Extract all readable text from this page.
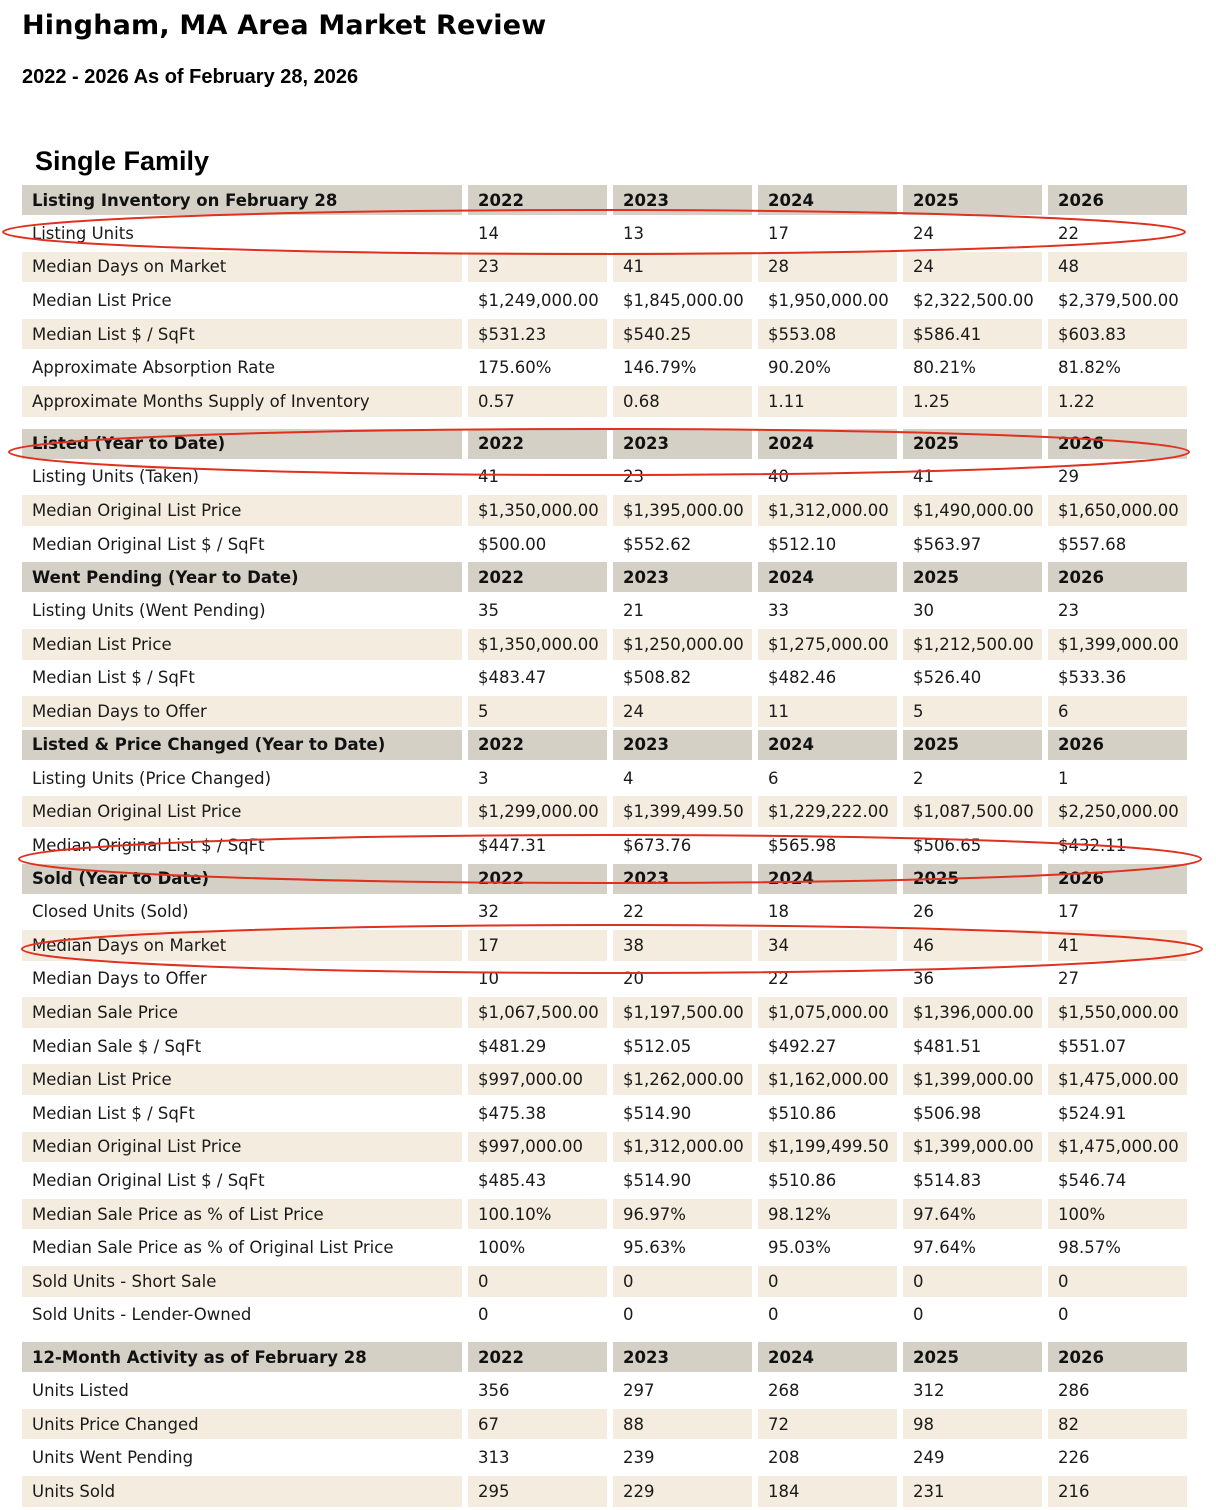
Hingham, MA Area Market Review
2022 - 2026 As of February 28, 2026
Single Family
Listing Inventory on February 28	2022	2023	2024	2025	2026
Listing Units	14	13	17	24	22
Median Days on Market	23	41	28	24	48
Median List Price	$1,249,000.00	$1,845,000.00	$1,950,000.00	$2,322,500.00	$2,379,500.00
Median List $ / SqFt	$531.23	$540.25	$553.08	$586.41	$603.83
Approximate Absorption Rate	175.60%	146.79%	90.20%	80.21%	81.82%
Approximate Months Supply of Inventory	0.57	0.68	1.11	1.25	1.22

Listed (Year to Date)	2022	2023	2024	2025	2026
Listing Units (Taken)	41	23	40	41	29
Median Original List Price	$1,350,000.00	$1,395,000.00	$1,312,000.00	$1,490,000.00	$1,650,000.00
Median Original List $ / SqFt	$500.00	$552.62	$512.10	$563.97	$557.68
Went Pending (Year to Date)	2022	2023	2024	2025	2026
Listing Units (Went Pending)	35	21	33	30	23
Median List Price	$1,350,000.00	$1,250,000.00	$1,275,000.00	$1,212,500.00	$1,399,000.00
Median List $ / SqFt	$483.47	$508.82	$482.46	$526.40	$533.36
Median Days to Offer	5	24	11	5	6
Listed & Price Changed (Year to Date)	2022	2023	2024	2025	2026
Listing Units (Price Changed)	3	4	6	2	1
Median Original List Price	$1,299,000.00	$1,399,499.50	$1,229,222.00	$1,087,500.00	$2,250,000.00
Median Original List $ / SqFt	$447.31	$673.76	$565.98	$506.65	$432.11
Sold (Year to Date)	2022	2023	2024	2025	2026
Closed Units (Sold)	32	22	18	26	17
Median Days on Market	17	38	34	46	41
Median Days to Offer	10	20	22	36	27
Median Sale Price	$1,067,500.00	$1,197,500.00	$1,075,000.00	$1,396,000.00	$1,550,000.00
Median Sale $ / SqFt	$481.29	$512.05	$492.27	$481.51	$551.07
Median List Price	$997,000.00	$1,262,000.00	$1,162,000.00	$1,399,000.00	$1,475,000.00
Median List $ / SqFt	$475.38	$514.90	$510.86	$506.98	$524.91
Median Original List Price	$997,000.00	$1,312,000.00	$1,199,499.50	$1,399,000.00	$1,475,000.00
Median Original List $ / SqFt	$485.43	$514.90	$510.86	$514.83	$546.74
Median Sale Price as % of List Price	100.10%	96.97%	98.12%	97.64%	100%
Median Sale Price as % of Original List Price	100%	95.63%	95.03%	97.64%	98.57%
Sold Units - Short Sale	0	0	0	0	0
Sold Units - Lender-Owned	0	0	0	0	0

12-Month Activity as of February 28	2022	2023	2024	2025	2026
Units Listed	356	297	268	312	286
Units Price Changed	67	88	72	98	82
Units Went Pending	313	239	208	249	226
Units Sold	295	229	184	231	216
